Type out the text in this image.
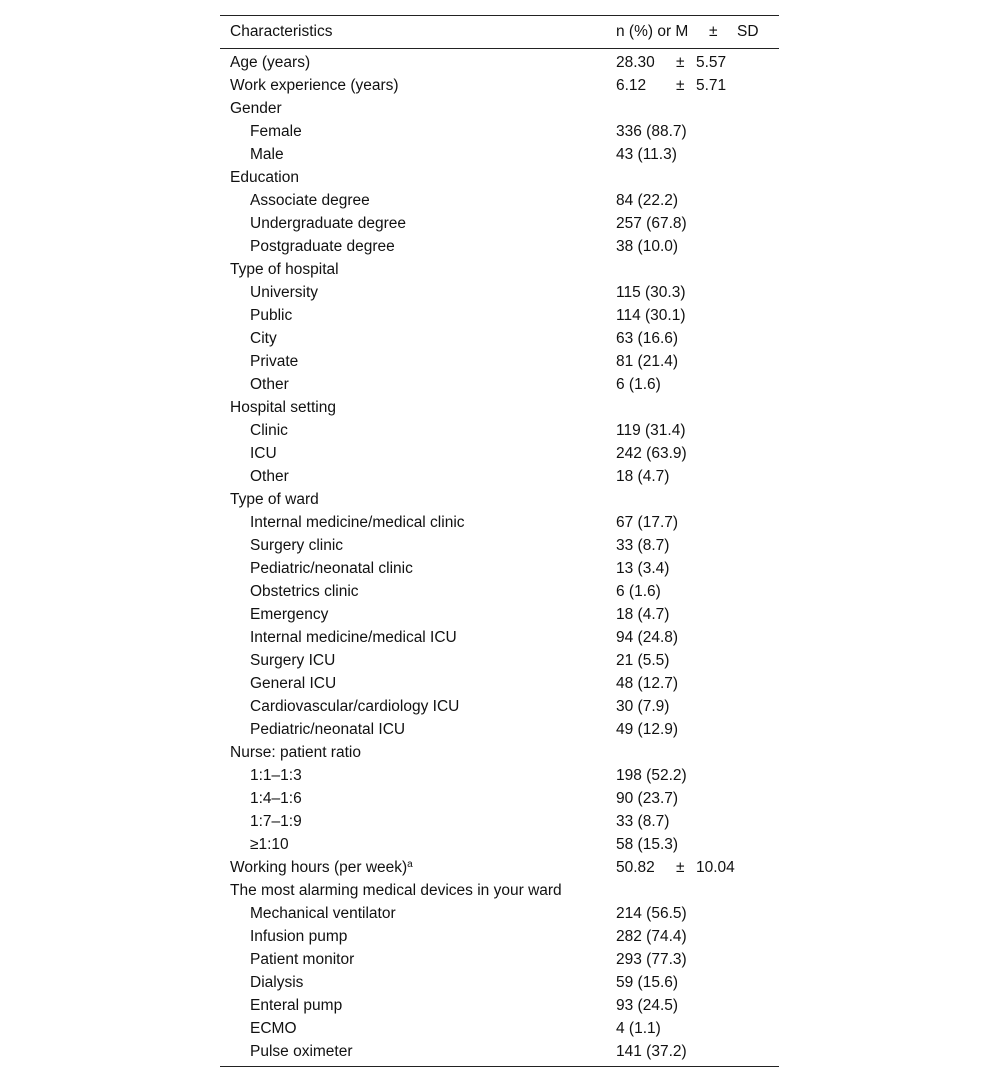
Characteristics	n (%) or M ± SD
Age (years)	28.30 ± 5.57
Work experience (years)	6.12 ± 5.71
Gender
Female	336 (88.7)
Male	43 (11.3)
Education
Associate degree	84 (22.2)
Undergraduate degree	257 (67.8)
Postgraduate degree	38 (10.0)
Type of hospital
University	115 (30.3)
Public	114 (30.1)
City	63 (16.6)
Private	81 (21.4)
Other	6 (1.6)
Hospital setting
Clinic	119 (31.4)
ICU	242 (63.9)
Other	18 (4.7)
Type of ward
Internal medicine/medical clinic	67 (17.7)
Surgery clinic	33 (8.7)
Pediatric/neonatal clinic	13 (3.4)
Obstetrics clinic	6 (1.6)
Emergency	18 (4.7)
Internal medicine/medical ICU	94 (24.8)
Surgery ICU	21 (5.5)
General ICU	48 (12.7)
Cardiovascular/cardiology ICU	30 (7.9)
Pediatric/neonatal ICU	49 (12.9)
Nurse: patient ratio
1:1–1:3	198 (52.2)
1:4–1:6	90 (23.7)
1:7–1:9	33 (8.7)
≥1:10	58 (15.3)
Working hours (per week)$^a$	50.82 ± 10.04
The most alarming medical devices in your ward
Mechanical ventilator	214 (56.5)
Infusion pump	282 (74.4)
Patient monitor	293 (77.3)
Dialysis	59 (15.6)
Enteral pump	93 (24.5)
ECMO	4 (1.1)
Pulse oximeter	141 (37.2)
